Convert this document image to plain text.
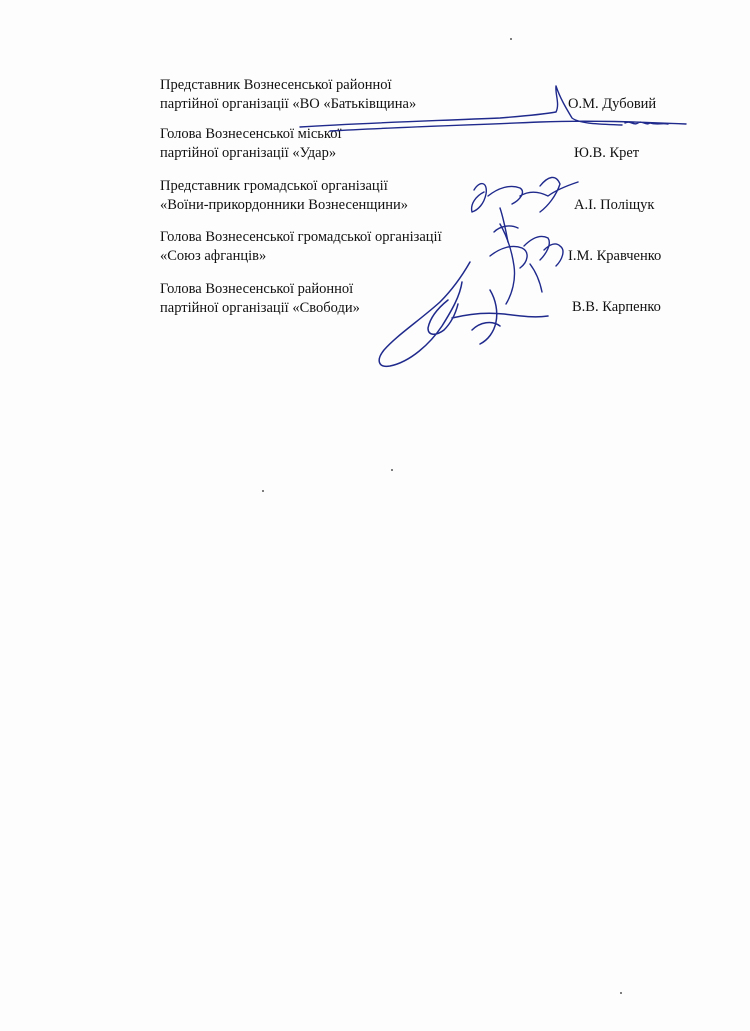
Представник Вознесенської районної
партійної організації «ВО «Батьківщина»	О.М. Дубовий
Голова Вознесенської міської
партійної організації «Удар»	Ю.В. Крет
Представник громадської організації
«Воїни-прикордонники Вознесенщини»	А.І. Поліщук
Голова Вознесенської громадської організації
«Союз афганців»	І.М. Кравченко
Голова Вознесенської районної
партійної організації «Свободи»	В.В. Карпенко
